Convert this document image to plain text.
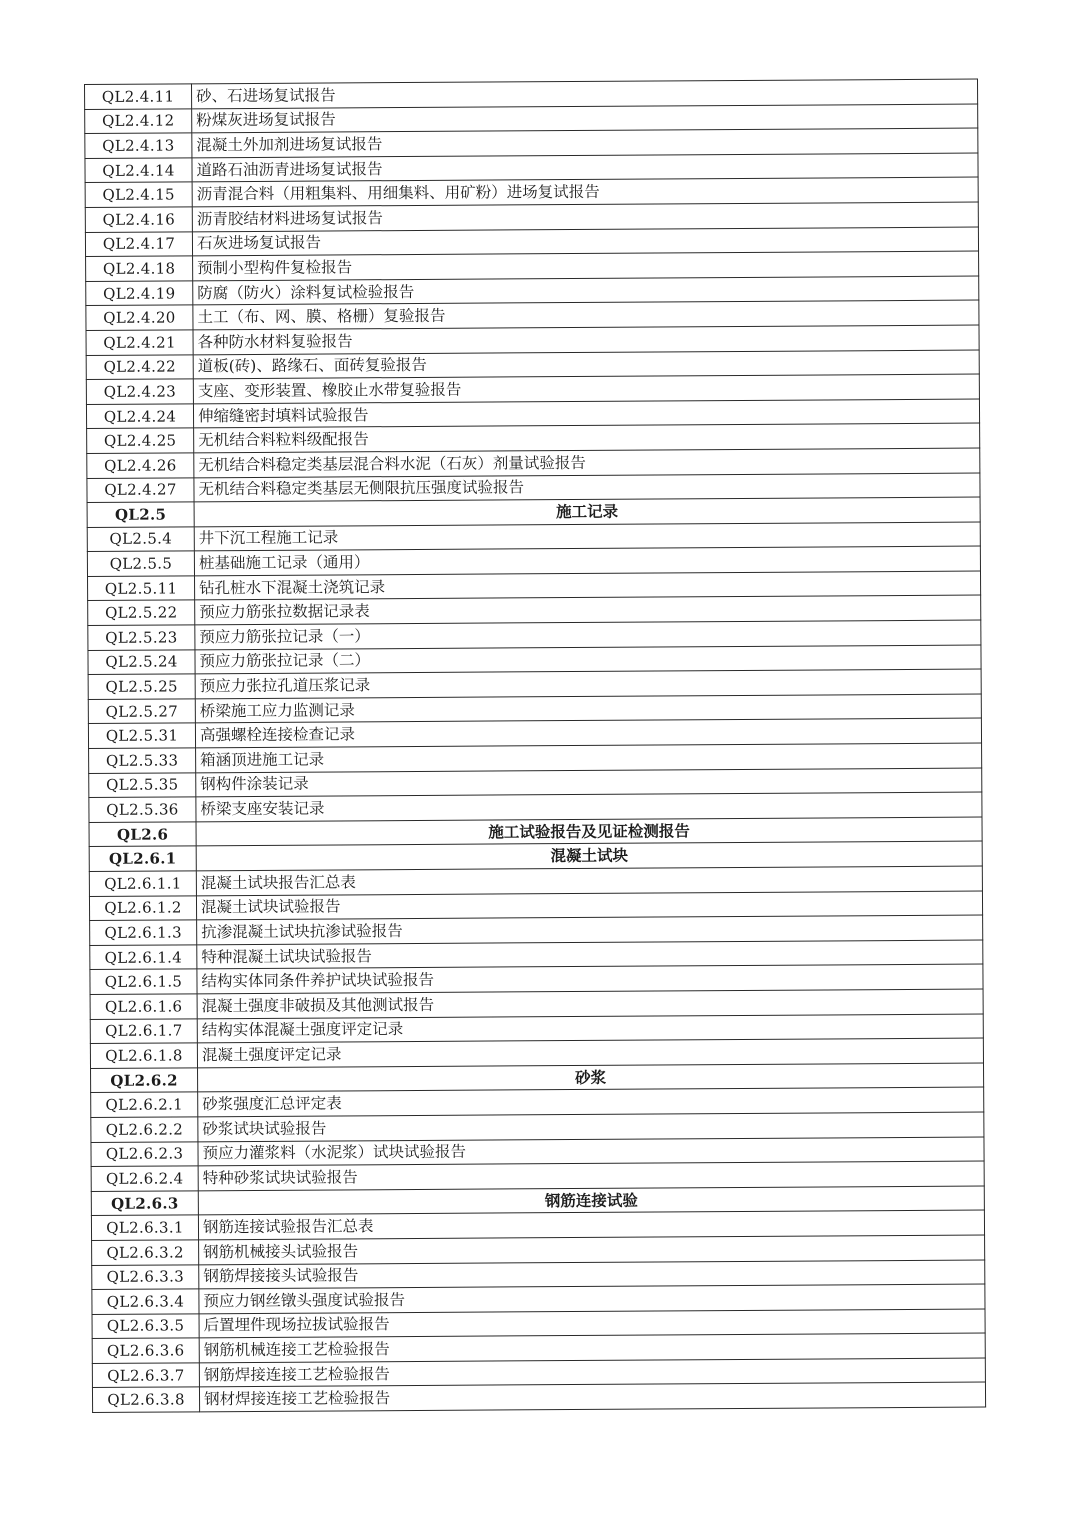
QL2.4.11	砂、石进场复试报告
QL2.4.12	粉煤灰进场复试报告
QL2.4.13	混凝土外加剂进场复试报告
QL2.4.14	道路石油沥青进场复试报告
QL2.4.15	沥青混合料（用粗集料、用细集料、用矿粉）进场复试报告
QL2.4.16	沥青胶结材料进场复试报告
QL2.4.17	石灰进场复试报告
QL2.4.18	预制小型构件复检报告
QL2.4.19	防腐（防火）涂料复试检验报告
QL2.4.20	土工（布、网、膜、格栅）复验报告
QL2.4.21	各种防水材料复验报告
QL2.4.22	道板(砖)、路缘石、面砖复验报告
QL2.4.23	支座、变形装置、橡胶止水带复验报告
QL2.4.24	伸缩缝密封填料试验报告
QL2.4.25	无机结合料粒料级配报告
QL2.4.26	无机结合料稳定类基层混合料水泥（石灰）剂量试验报告
QL2.4.27	无机结合料稳定类基层无侧限抗压强度试验报告
QL2.5	施工记录
QL2.5.4	井下沉工程施工记录
QL2.5.5	桩基础施工记录（通用）
QL2.5.11	钻孔桩水下混凝土浇筑记录
QL2.5.22	预应力筋张拉数据记录表
QL2.5.23	预应力筋张拉记录（一）
QL2.5.24	预应力筋张拉记录（二）
QL2.5.25	预应力张拉孔道压浆记录
QL2.5.27	桥梁施工应力监测记录
QL2.5.31	高强螺栓连接检查记录
QL2.5.33	箱涵顶进施工记录
QL2.5.35	钢构件涂装记录
QL2.5.36	桥梁支座安装记录
QL2.6	施工试验报告及见证检测报告
QL2.6.1	混凝土试块
QL2.6.1.1	混凝土试块报告汇总表
QL2.6.1.2	混凝土试块试验报告
QL2.6.1.3	抗渗混凝土试块抗渗试验报告
QL2.6.1.4	特种混凝土试块试验报告
QL2.6.1.5	结构实体同条件养护试块试验报告
QL2.6.1.6	混凝土强度非破损及其他测试报告
QL2.6.1.7	结构实体混凝土强度评定记录
QL2.6.1.8	混凝土强度评定记录
QL2.6.2	砂浆
QL2.6.2.1	砂浆强度汇总评定表
QL2.6.2.2	砂浆试块试验报告
QL2.6.2.3	预应力灌浆料（水泥浆）试块试验报告
QL2.6.2.4	特种砂浆试块试验报告
QL2.6.3	钢筋连接试验
QL2.6.3.1	钢筋连接试验报告汇总表
QL2.6.3.2	钢筋机械接头试验报告
QL2.6.3.3	钢筋焊接接头试验报告
QL2.6.3.4	预应力钢丝镦头强度试验报告
QL2.6.3.5	后置埋件现场拉拔试验报告
QL2.6.3.6	钢筋机械连接工艺检验报告
QL2.6.3.7	钢筋焊接连接工艺检验报告
QL2.6.3.8	钢材焊接连接工艺检验报告
